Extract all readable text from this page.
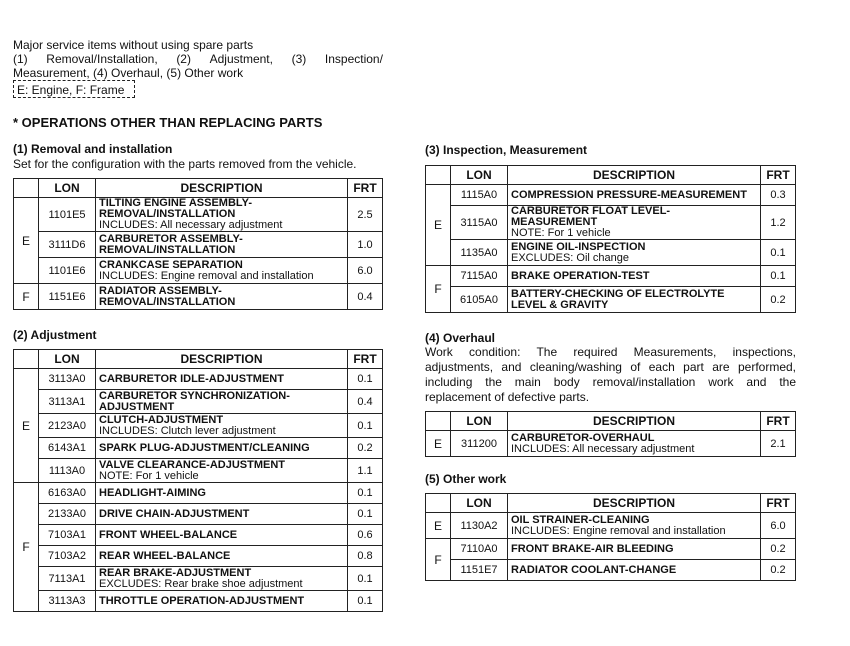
Major service items without using spare parts
(1) Removal/Installation, (2) Adjustment, (3) Inspection/
Measurement, (4) Overhaul, (5) Other work
E: Engine, F: Frame
* OPERATIONS OTHER THAN REPLACING PARTS
(1) Removal and installation
Set for the configuration with the parts removed from the vehicle.
	LON	DESCRIPTION	FRT
E	1101E5	TILTING ENGINE ASSEMBLY-
REMOVAL/INSTALLATION
INCLUDES: All necessary adjustment	2.5
	3111D6	CARBURETOR ASSEMBLY-
REMOVAL/INSTALLATION	1.0
	1101E6	CRANKCASE SEPARATION
INCLUDES: Engine removal and installation	6.0
F	1151E6	RADIATOR ASSEMBLY-
REMOVAL/INSTALLATION	0.4
(2) Adjustment
	LON	DESCRIPTION	FRT
E	3113A0	CARBURETOR IDLE-ADJUSTMENT	0.1
	3113A1	CARBURETOR SYNCHRONIZATION-
ADJUSTMENT	0.4
	2123A0	CLUTCH-ADJUSTMENT
INCLUDES: Clutch lever adjustment	0.1
	6143A1	SPARK PLUG-ADJUSTMENT/CLEANING	0.2
	1113A0	VALVE CLEARANCE-ADJUSTMENT
NOTE: For 1 vehicle	1.1
F	6163A0	HEADLIGHT-AIMING	0.1
	2133A0	DRIVE CHAIN-ADJUSTMENT	0.1
	7103A1	FRONT WHEEL-BALANCE	0.6
	7103A2	REAR WHEEL-BALANCE	0.8
	7113A1	REAR BRAKE-ADJUSTMENT
EXCLUDES: Rear brake shoe adjustment	0.1
	3113A3	THROTTLE OPERATION-ADJUSTMENT	0.1
(3) Inspection, Measurement
	LON	DESCRIPTION	FRT
E	1115A0	COMPRESSION PRESSURE-MEASUREMENT	0.3
	3115A0	CARBURETOR FLOAT LEVEL-
MEASUREMENT
NOTE: For 1 vehicle	1.2
	1135A0	ENGINE OIL-INSPECTION
EXCLUDES: Oil change	0.1
F	7115A0	BRAKE OPERATION-TEST	0.1
	6105A0	BATTERY-CHECKING OF ELECTROLYTE
LEVEL & GRAVITY	0.2
(4) Overhaul
Work condition: The required Measurements, inspections, adjustments, and cleaning/washing of each part are performed, including the main body removal/installation work and the replacement of defective parts.
	LON	DESCRIPTION	FRT
E	311200	CARBURETOR-OVERHAUL
INCLUDES: All necessary adjustment	2.1
(5) Other work
	LON	DESCRIPTION	FRT
E	1130A2	OIL STRAINER-CLEANING
INCLUDES: Engine removal and installation	6.0
F	7110A0	FRONT BRAKE-AIR BLEEDING	0.2
	1151E7	RADIATOR COOLANT-CHANGE	0.2
